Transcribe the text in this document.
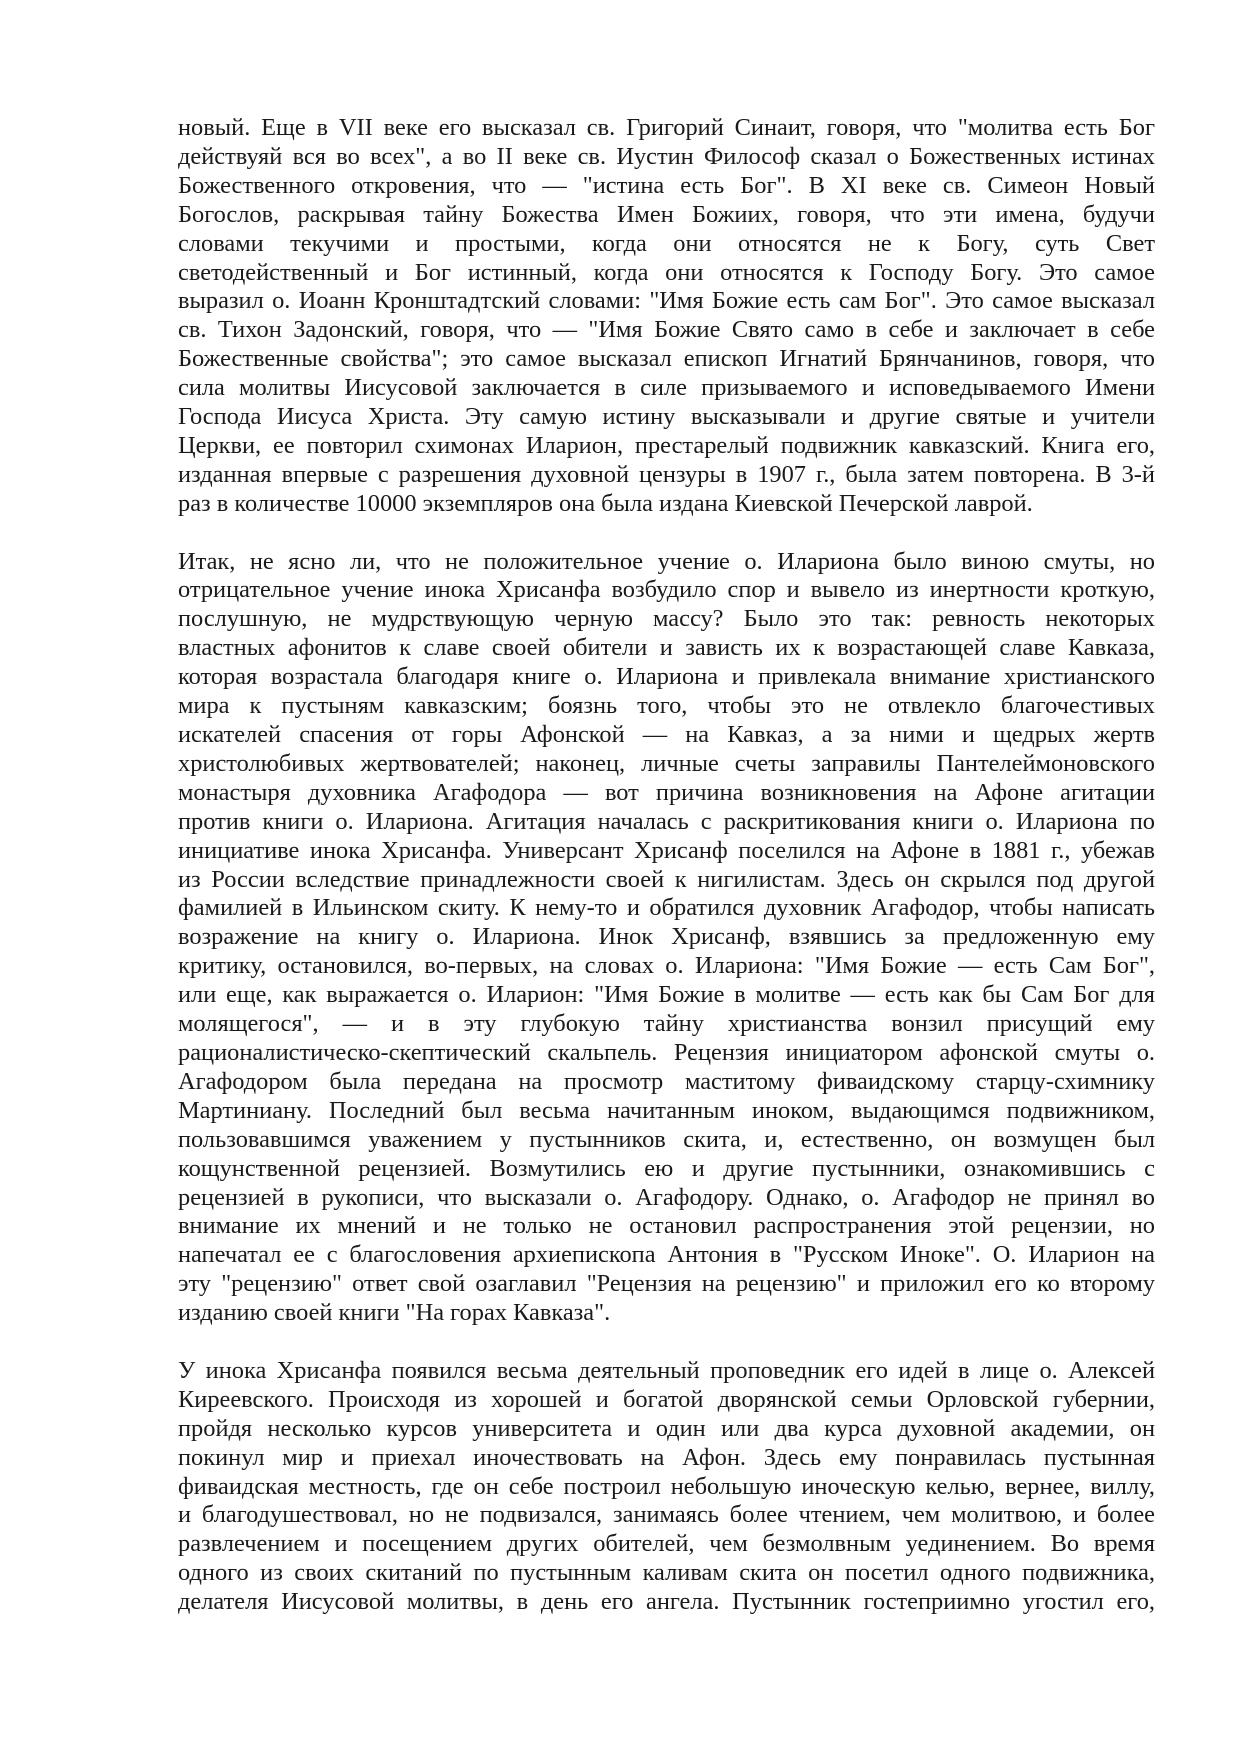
новый. Еще в VII веке его высказал св. Григорий Синаит, говоря, что "молитва есть Бог
действуяй вся во всех", а во II веке св. Иустин Философ сказал о Божественных истинах
Божественного откровения, что — "истина есть Бог". В XI веке св. Симеон Новый
Богослов, раскрывая тайну Божества Имен Божиих, говоря, что эти имена, будучи
словами текучими и простыми, когда они относятся не к Богу, суть Свет
светодейственный и Бог истинный, когда они относятся к Господу Богу. Это самое
выразил о. Иоанн Кронштадтский словами: "Имя Божие есть сам Бог". Это самое высказал
св. Тихон Задонский, говоря, что — "Имя Божие Свято само в себе и заключает в себе
Божественные свойства"; это самое высказал епископ Игнатий Брянчанинов, говоря, что
сила молитвы Иисусовой заключается в силе призываемого и исповедываемого Имени
Господа Иисуса Христа. Эту самую истину высказывали и другие святые и учители
Церкви, ее повторил схимонах Иларион, престарелый подвижник кавказский. Книга его,
изданная впервые с разрешения духовной цензуры в 1907 г., была затем повторена. В 3-й
раз в количестве 10000 экземпляров она была издана Киевской Печерской лаврой.
Итак, не ясно ли, что не положительное учение о. Илариона было виною смуты, но
отрицательное учение инока Хрисанфа возбудило спор и вывело из инертности кроткую,
послушную, не мудрствующую черную массу? Было это так: ревность некоторых
властных афонитов к славе своей обители и зависть их к возрастающей славе Кавказа,
которая возрастала благодаря книге о. Илариона и привлекала внимание христианского
мира к пустыням кавказским; боязнь того, чтобы это не отвлекло благочестивых
искателей спасения от горы Афонской — на Кавказ, а за ними и щедрых жертв
христолюбивых жертвователей; наконец, личные счеты заправилы Пантелеймоновского
монастыря духовника Агафодора — вот причина возникновения на Афоне агитации
против книги о. Илариона. Агитация началась с раскритикования книги о. Илариона по
инициативе инока Хрисанфа. Универсант Хрисанф поселился на Афоне в 1881 г., убежав
из России вследствие принадлежности своей к нигилистам. Здесь он скрылся под другой
фамилией в Ильинском скиту. К нему-то и обратился духовник Агафодор, чтобы написать
возражение на книгу о. Илариона. Инок Хрисанф, взявшись за предложенную ему
критику, остановился, во-первых, на словах о. Илариона: "Имя Божие — есть Сам Бог",
или еще, как выражается о. Иларион: "Имя Божие в молитве — есть как бы Сам Бог для
молящегося", — и в эту глубокую тайну христианства вонзил присущий ему
рационалистическо-скептический скальпель. Рецензия инициатором афонской смуты о.
Агафодором была передана на просмотр маститому фиваидскому старцу-схимнику
Мартиниану. Последний был весьма начитанным иноком, выдающимся подвижником,
пользовавшимся уважением у пустынников скита, и, естественно, он возмущен был
кощунственной рецензией. Возмутились ею и другие пустынники, ознакомившись с
рецензией в рукописи, что высказали о. Агафодору. Однако, о. Агафодор не принял во
внимание их мнений и не только не остановил распространения этой рецензии, но
напечатал ее с благословения архиепископа Антония в "Русском Иноке". О. Иларион на
эту "рецензию" ответ свой озаглавил "Рецензия на рецензию" и приложил его ко второму
изданию своей книги "На горах Кавказа".
У инока Хрисанфа появился весьма деятельный проповедник его идей в лице о. Алексей
Киреевского. Происходя из хорошей и богатой дворянской семьи Орловской губернии,
пройдя несколько курсов университета и один или два курса духовной академии, он
покинул мир и приехал иночествовать на Афон. Здесь ему понравилась пустынная
фиваидская местность, где он себе построил небольшую иноческую келью, вернее, виллу,
и благодушествовал, но не подвизался, занимаясь более чтением, чем молитвою, и более
развлечением и посещением других обителей, чем безмолвным уединением. Во время
одного из своих скитаний по пустынным каливам скита он посетил одного подвижника,
делателя Иисусовой молитвы, в день его ангела. Пустынник гостеприимно угостил его,
